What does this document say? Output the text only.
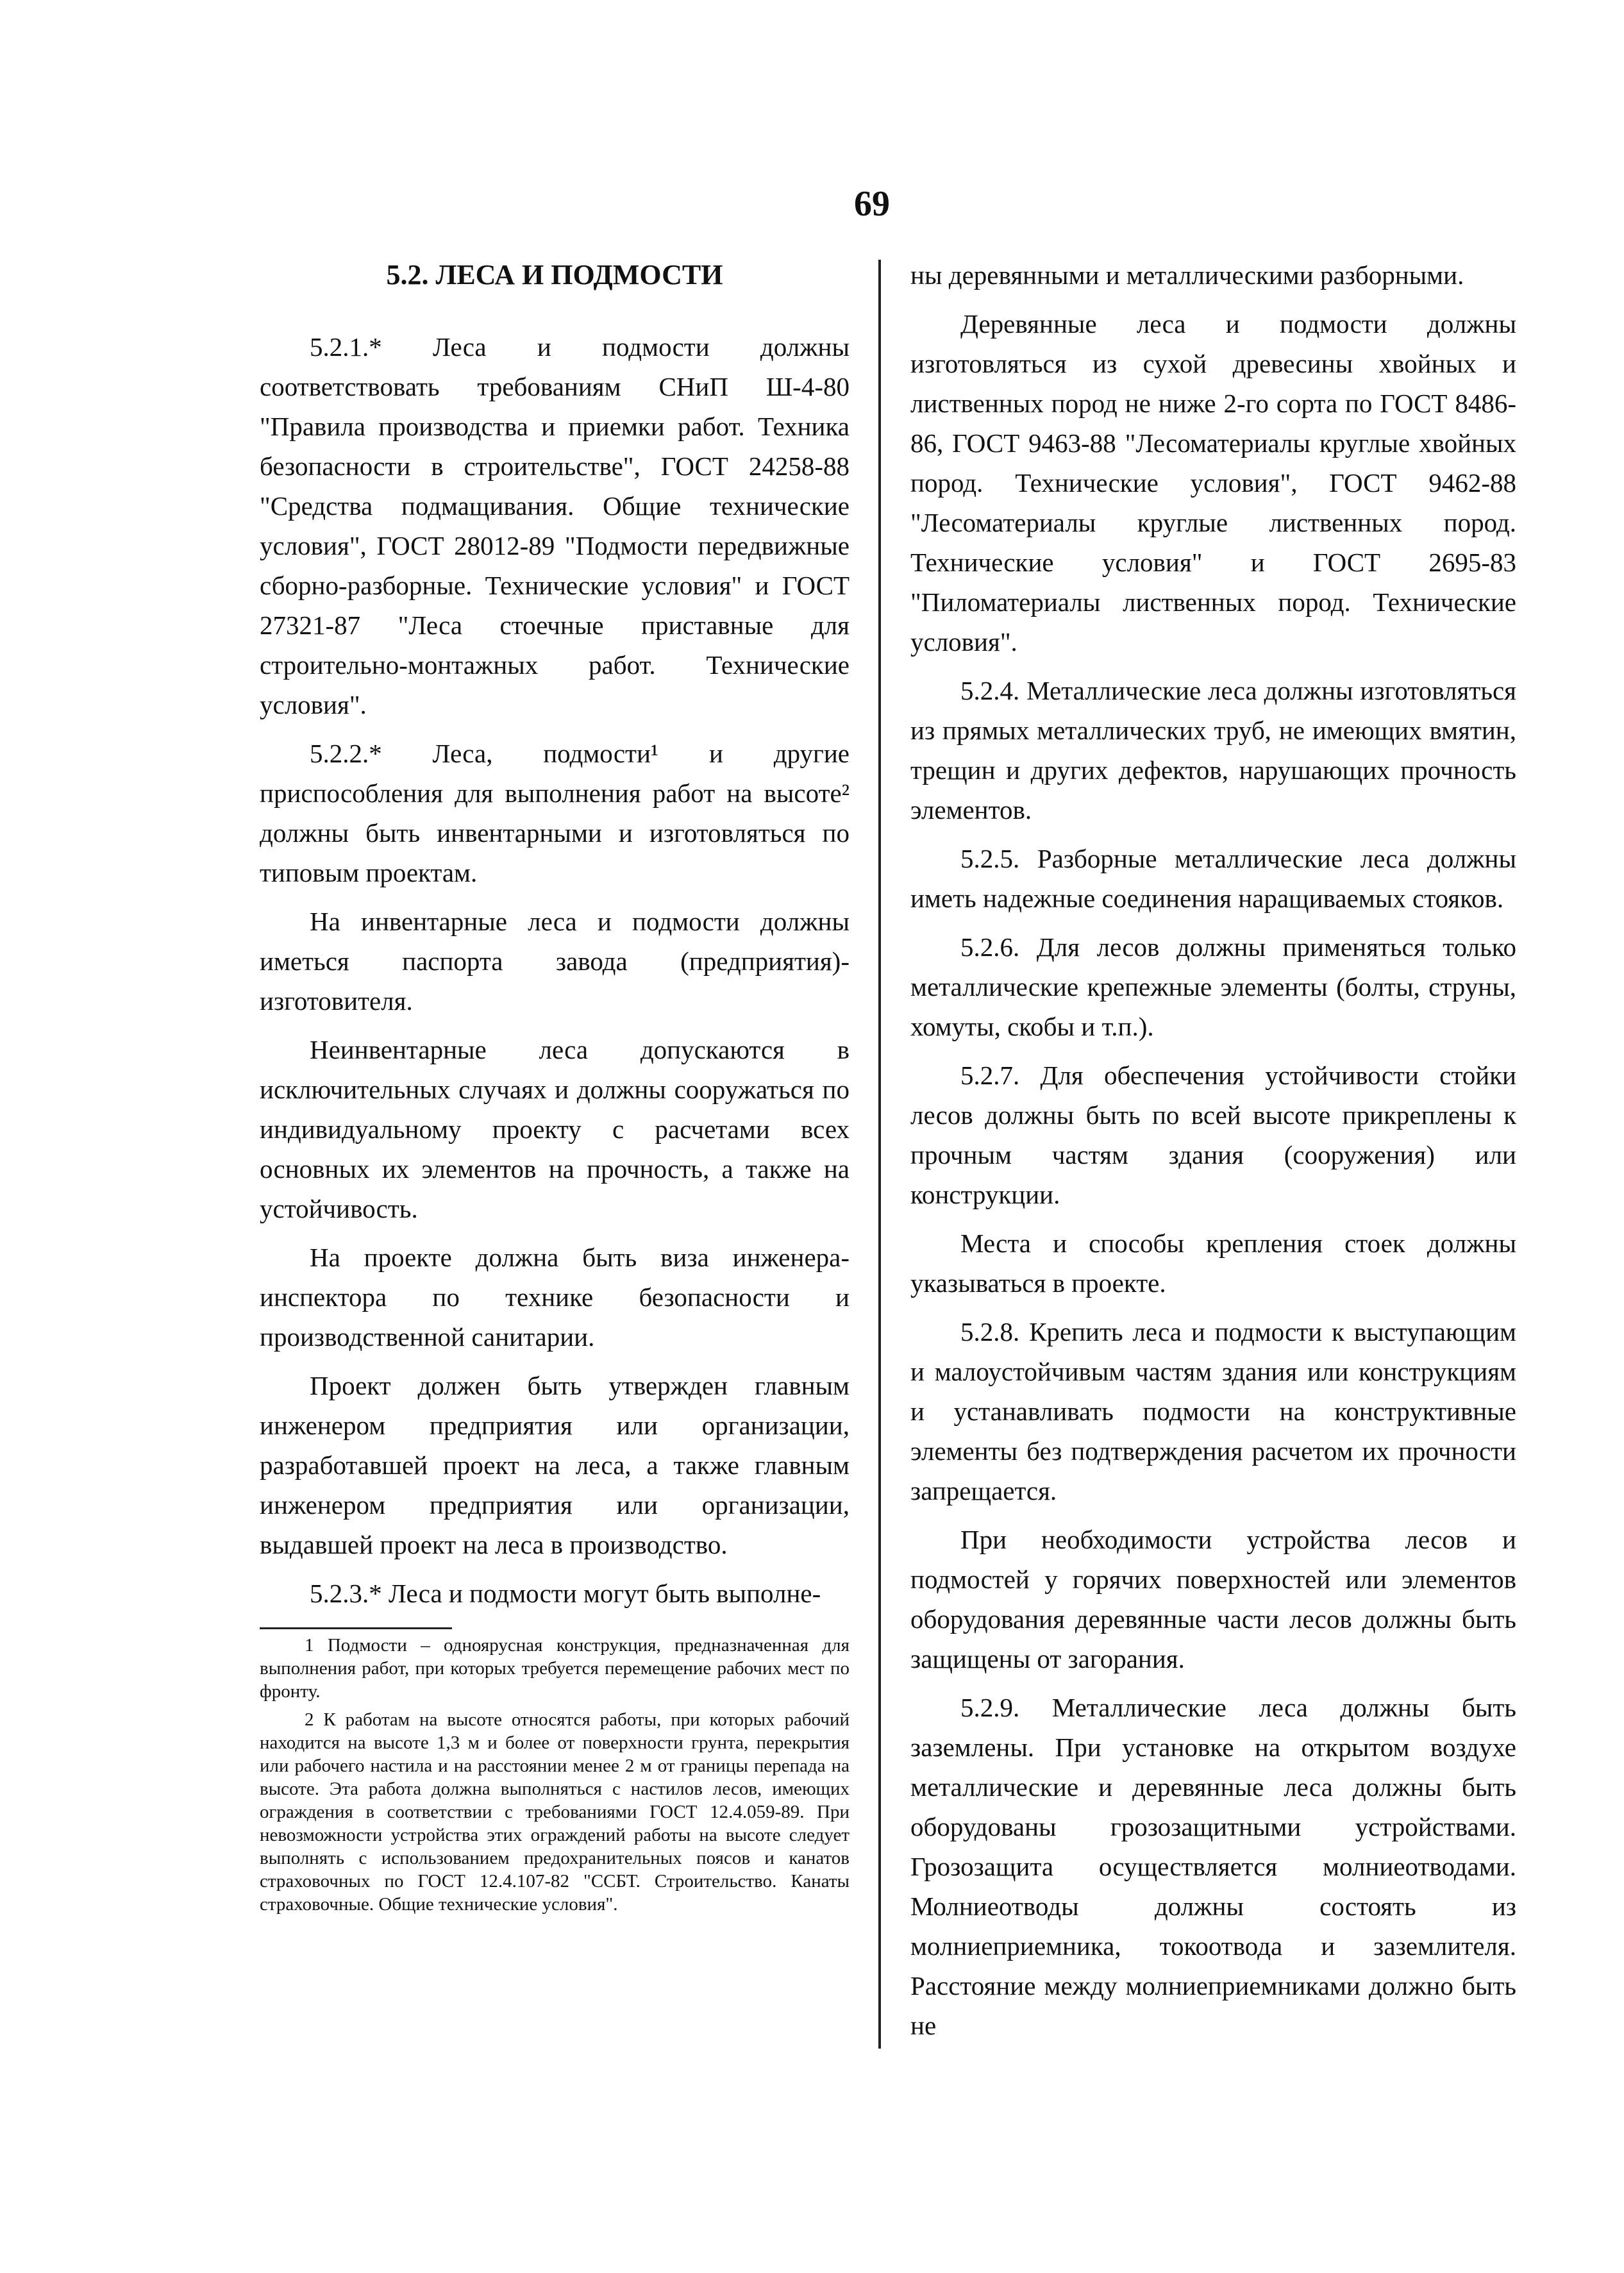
69
5.2. ЛЕСА И ПОДМОСТИ

5.2.1.* Леса и подмости должны соответствовать требованиям СНиП Ш-4-80 "Правила производства и приемки работ. Техника безопасности в строительстве", ГОСТ 24258-88 "Средства подмащивания. Общие технические условия", ГОСТ 28012-89 "Подмости передвижные сборно-разборные. Технические условия" и ГОСТ 27321-87 "Леса стоечные приставные для строительно-монтажных работ. Технические условия".

5.2.2.* Леса, подмости¹ и другие приспособления для выполнения работ на высоте² должны быть инвентарными и изготовляться по типовым проектам.

На инвентарные леса и подмости должны иметься паспорта завода (предприятия)-изготовителя.

Неинвентарные леса допускаются в исключительных случаях и должны сооружаться по индивидуальному проекту с расчетами всех основных их элементов на прочность, а также на устойчивость.

На проекте должна быть виза инженера-инспектора по технике безопасности и производственной санитарии.

Проект должен быть утвержден главным инженером предприятия или организации, разработавшей проект на леса, а также главным инженером предприятия или организации, выдавшей проект на леса в производство.

5.2.3.* Леса и подмости могут быть выполне-

ны деревянными и металлическими разборными.

Деревянные леса и подмости должны изготовляться из сухой древесины хвойных и лиственных пород не ниже 2-го сорта по ГОСТ 8486-86, ГОСТ 9463-88 "Лесоматериалы круглые хвойных пород. Технические условия", ГОСТ 9462-88 "Лесоматериалы круглые лиственных пород. Технические условия" и ГОСТ 2695-83 "Пиломатериалы лиственных пород. Технические условия".

5.2.4. Металлические леса должны изготовляться из прямых металлических труб, не имеющих вмятин, трещин и других дефектов, нарушающих прочность элементов.

5.2.5. Разборные металлические леса должны иметь надежные соединения наращиваемых стояков.

5.2.6. Для лесов должны применяться только металлические крепежные элементы (болты, струны, хомуты, скобы и т.п.).

5.2.7. Для обеспечения устойчивости стойки лесов должны быть по всей высоте прикреплены к прочным частям здания (сооружения) или конструкции.

Места и способы крепления стоек должны указываться в проекте.

5.2.8. Крепить леса и подмости к выступающим и малоустойчивым частям здания или конструкциям и устанавливать подмости на конструктивные элементы без подтверждения расчетом их прочности запрещается.

При необходимости устройства лесов и подмостей у горячих поверхностей или элементов оборудования деревянные части лесов должны быть защищены от загорания.

5.2.9. Металлические леса должны быть заземлены. При установке на открытом воздухе металлические и деревянные леса должны быть оборудованы грозозащитными устройствами. Грозозащита осуществляется молниеотводами. Молниеотводы должны состоять из молниеприемника, токоотвода и заземлителя. Расстояние между молниеприемниками должно быть не

1 Подмости – одноярусная конструкция, предназначенная для выполнения работ, при которых требуется перемещение рабочих мест по фронту.

2 К работам на высоте относятся работы, при которых рабочий находится на высоте 1,3 м и более от поверхности грунта, перекрытия или рабочего настила и на расстоянии менее 2 м от границы перепада на высоте. Эта работа должна выполняться с настилов лесов, имеющих ограждения в соответствии с требованиями ГОСТ 12.4.059-89. При невозможности устройства этих ограждений работы на высоте следует выполнять с использованием предохранительных поясов и канатов страховочных по ГОСТ 12.4.107-82 "ССБТ. Строительство. Канаты страховочные. Общие технические условия".
